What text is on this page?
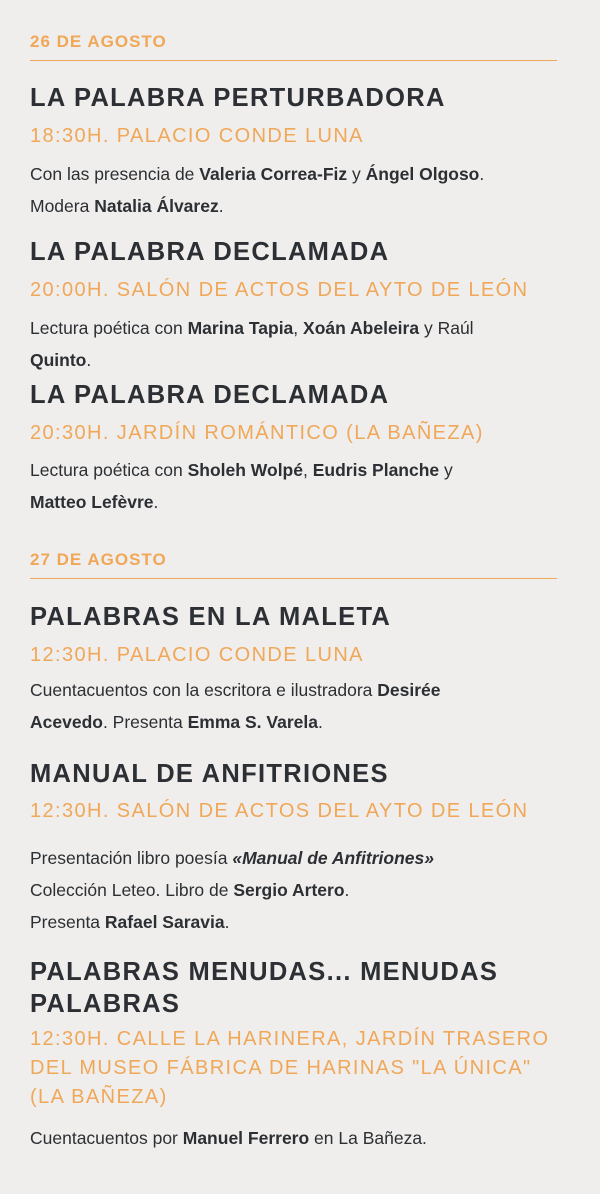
26 DE AGOSTO
LA PALABRA PERTURBADORA
18:30H. PALACIO CONDE LUNA
Con las presencia de Valeria Correa-Fiz y Ángel Olgoso.
Modera Natalia Álvarez.
LA PALABRA DECLAMADA
20:00H. SALÓN DE ACTOS DEL AYTO DE LEÓN
Lectura poética con Marina Tapia, Xoán Abeleira y Raúl
Quinto.
LA PALABRA DECLAMADA
20:30H. JARDÍN ROMÁNTICO (LA BAÑEZA)
Lectura poética con Sholeh Wolpé, Eudris Planche y
Matteo Lefèvre.
27 DE AGOSTO
PALABRAS EN LA MALETA
12:30H. PALACIO CONDE LUNA
Cuentacuentos con la escritora e ilustradora Desirée
Acevedo. Presenta Emma S. Varela.
MANUAL DE ANFITRIONES
12:30H. SALÓN DE ACTOS DEL AYTO DE LEÓN
Presentación libro poesía «Manual de Anfitriones»
Colección Leteo. Libro de Sergio Artero.
Presenta Rafael Saravia.
PALABRAS MENUDAS... MENUDAS
PALABRAS
12:30H. CALLE LA HARINERA, JARDÍN TRASERO
DEL MUSEO FÁBRICA DE HARINAS "LA ÚNICA"
(LA BAÑEZA)
Cuentacuentos por Manuel Ferrero en La Bañeza.
